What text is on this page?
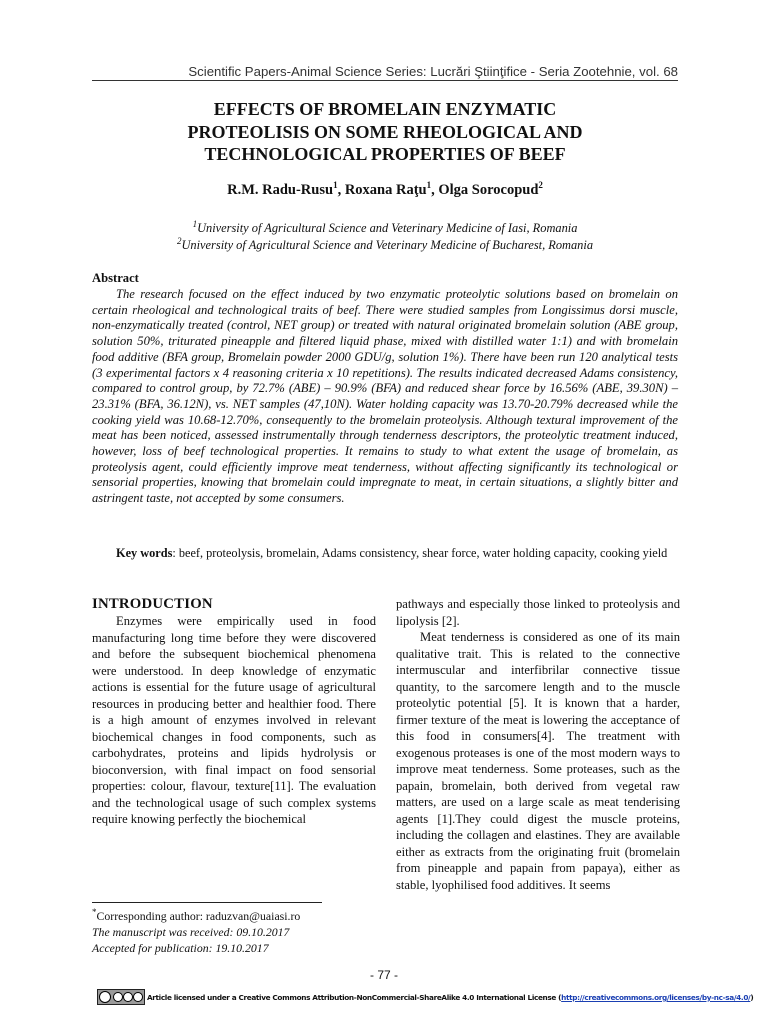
Scientific Papers-Animal Science Series: Lucrări Ştiinţifice - Seria Zootehnie, vol. 68
EFFECTS OF BROMELAIN ENZYMATIC
PROTEOLISIS ON SOME RHEOLOGICAL AND
TECHNOLOGICAL PROPERTIES OF BEEF
R.M. Radu-Rusu$^1$, Roxana Raţu$^1$, Olga Sorocopud$^2$
$^1$University of Agricultural Science and Veterinary Medicine of Iasi, Romania
$^2$University of Agricultural Science and Veterinary Medicine of Bucharest, Romania
Abstract

The research focused on the effect induced by two enzymatic proteolytic solutions based on bromelain on certain rheological and technological traits of beef. There were studied samples from Longissimus dorsi muscle, non-enzymatically treated (control, NET group) or treated with natural originated bromelain solution (ABE group, solution 50%, triturated pineapple and filtered liquid phase, mixed with distilled water 1:1) and with bromelain food additive (BFA group, Bromelain powder 2000 GDU/g, solution 1%). There have been run 120 analytical tests (3 experimental factors x 4 reasoning criteria x 10 repetitions). The results indicated decreased Adams consistency, compared to control group, by 72.7% (ABE) – 90.9% (BFA) and reduced shear force by 16.56% (ABE, 39.30N) – 23.31% (BFA, 36.12N), vs. NET samples (47,10N). Water holding capacity was 13.70-20.79% decreased while the cooking yield was 10.68-12.70%, consequently to the bromelain proteolysis. Although textural improvement of the meat has been noticed, assessed instrumentally through tenderness descriptors, the proteolytic treatment induced, however, loss of beef technological properties. It remains to study to what extent the usage of bromelain, as proteolysis agent, could efficiently improve meat tenderness, without affecting significantly its technological or sensorial properties, knowing that bromelain could impregnate to meat, in certain situations, a slightly bitter and astringent taste, not accepted by some consumers.

Key words: beef, proteolysis, bromelain, Adams consistency, shear force, water holding capacity, cooking yield

INTRODUCTION

Enzymes were empirically used in food manufacturing long time before they were discovered and before the subsequent biochemical phenomena were understood. In deep knowledge of enzymatic actions is essential for the future usage of agricultural resources in producing better and healthier food. There is a high amount of enzymes involved in relevant biochemical changes in food components, such as carbohydrates, proteins and lipids hydrolysis or bioconversion, with final impact on food sensorial properties: colour, flavour, texture[11]. The evaluation and the technological usage of such complex systems require knowing perfectly the biochemical

pathways and especially those linked to proteolysis and lipolysis [2].

Meat tenderness is considered as one of its main qualitative trait. This is related to the connective intermuscular and interfibrilar connective tissue quantity, to the sarcomere length and to the muscle proteolytic potential [5]. It is known that a harder, firmer texture of the meat is lowering the acceptance of this food in consumers[4]. The treatment with exogenous proteases is one of the most modern ways to improve meat tenderness. Some proteases, such as the papain, bromelain, both derived from vegetal raw matters, are used on a large scale as meat tenderising agents [1].They could digest the muscle proteins, including the collagen and elastines. They are available either as extracts from the originating fruit (bromelain from pineapple and papain from papaya), either as stable, lyophilised food additives. It seems

*Corresponding author: raduzvan@uaiasi.ro
The manuscript was received: 09.10.2017
Accepted for publication: 19.10.2017
- 77 -
Article licensed under a Creative Commons Attribution-NonCommercial-ShareAlike 4.0 International License (http://creativecommons.org/licenses/by-nc-sa/4.0/)
